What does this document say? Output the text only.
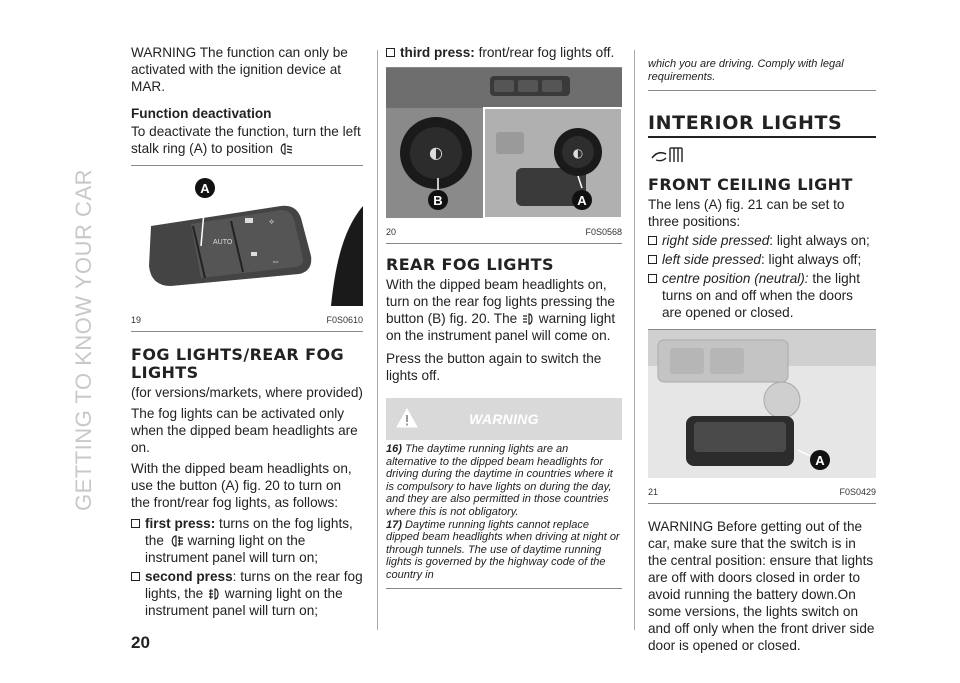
GETTING TO KNOW YOUR CAR

WARNING The function can only be activated with the ignition device at MAR.

Function deactivation

To deactivate the function, turn the left stalk ring (A) to position

AUTO
⟡
⇔
A
19	F0S0610
FOG LIGHTS/REAR FOG LIGHTS

(for versions/markets, where provided)

The fog lights can be activated only when the dipped beam headlights are on.

With the dipped beam headlights on, use the button (A) fig. 20 to turn on the front/rear fog lights, as follows:

first press: turns on the fog lights, the warning light on the instrument panel will turn on;
second press: turns on the rear fog lights, the warning light on the instrument panel will turn on;
third press: front/rear fog lights off.
◐	◐
B	A
20	F0S0568
REAR FOG LIGHTS

With the dipped beam headlights on, turn on the rear fog lights pressing the button (B) fig. 20. The warning light on the instrument panel will come on.

Press the button again to switch the lights off.

WARNING
16) The daytime running lights are an alternative to the dipped beam headlights for driving during the daytime in countries where it is compulsory to have lights on during the day, and they are also permitted in those countries where this is not obligatory.
17) Daytime running lights cannot replace dipped beam headlights when driving at night or through tunnels. The use of daytime running lights is governed by the highway code of the country in
which you are driving. Comply with legal requirements.
INTERIOR LIGHTS
FRONT CEILING LIGHT

The lens (A) fig. 21 can be set to three positions:

right side pressed: light always on;
left side pressed: light always off;
centre position (neutral): the light turns on and off when the doors are opened or closed.
A
21	F0S0429

WARNING Before getting out of the car, make sure that the switch is in the central position: ensure that lights are off with doors closed in order to avoid running the battery down.On some versions, the lights switch on and off only when the front driver side door is opened or closed.

20
